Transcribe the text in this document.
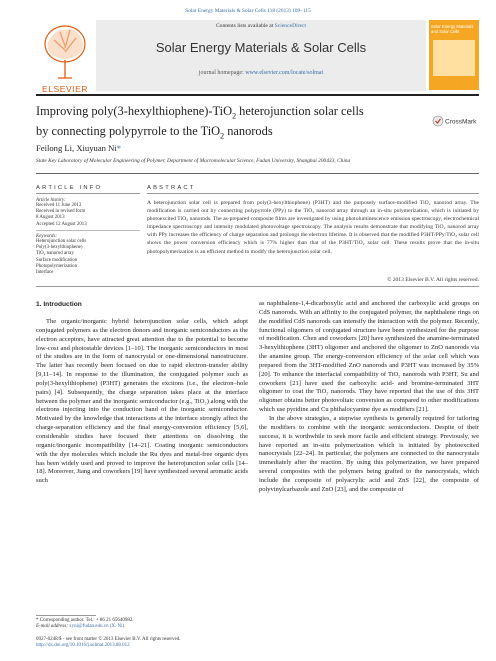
Solar Energy Materials & Solar Cells 118 (2013) 109–115
ELSEVIER
Contents lists available at ScienceDirect
Solar Energy Materials & Solar Cells
journal homepage: www.elsevier.com/locate/solmat
Solar Energy Materials and Solar Cells
Improving poly(3-hexylthiophene)-TiO$_2$ heterojunction solar cells
by connecting polypyrrole to the TiO$_2$ nanorods
CrossMark
Feilong Li, Xiuyuan Ni*
State Key Laboratory of Molecular Engineering of Polymer, Department of Macromolecular Science, Fudan University, Shanghai 200433, China
ARTICLE INFO
Article history:
Received 11 June 2013
Received in revised form
8 August 2013
Accepted 12 August 2013
Keywords:
Heterojunction solar cells
Poly(3-hexylthiophene)
TiO₂ nanorod array
Surface modification
Photopolymerization
Interface
ABSTRACT
A heterojunction solar cell is prepared from poly(3-hexylthiophene) (P3HT) and the purposely surface-modified TiO₂ nanorod array. The modification is carried out by connecting polypyrrole (PPy) to the TiO₂ nanorod array through an in-situ polymerization, which is initiated by photoexcited TiO₂ nanorods. The as-prepared composite films are investigated by using photoluminescence emission spectroscopy, electrochemical impedance spectroscopy and intensity modulated photovoltage spectroscopy. The analysis results demonstrate that modifying TiO₂ nanorod array with PPy increases the efficiency of charge separation and prolongs the electron lifetime. It is observed that the modified P3HT/PPy/TiO₂ solar cell shows the power conversion efficiency which is 77% higher than that of the P3HT/TiO₂ solar cell. These results prove that the in-situ photopolymerization is an efficient method to modify the heterojunction solar cell.
© 2013 Elsevier B.V. All rights reserved.
1. Introduction

The organic/inorganic hybrid heterojunction solar cells, which adopt conjugated polymers as the electron donors and inorganic semiconductors as the electron acceptors, have attracted great attention due to the potential to become low-cost and photostable devices [1–10]. The inorganic semiconductors in most of the studies are in the form of nanocrystal or one-dimensional nanostructure. The latter has recently been focused on due to rapid electron-transfer ability [9,11–14]. In response to the illumination, the conjugated polymer such as poly(3-hexylthiophene) (P3HT) generates the excitons (i.e., the electron–hole pairs) [4]. Subsequently, the charge separation takes place at the interface between the polymer and the inorganic semiconductor (e.g., TiO₂) along with the electrons injecting into the conduction band of the inorganic semiconductor. Motivated by the knowledge that interactions at the interface strongly affect the charge-separation efficiency and the final energy-conversion efficiency [5,6], considerable studies have focused their attentions on dissolving the organic/inorganic incompatibility [14–21]. Coating inorganic semiconductors with the dye molecules which include the Ru dyes and metal-free organic dyes has been widely used and proved to improve the heterojunction solar cells [14–18]. Moreover, Jiang and coworkers [19] have synthesized several aromatic acids such

as naphthalene-1,4-dicarboxylic acid and anchored the carboxylic acid groups on CdS nanorods. With an affinity to the conjugated polymer, the naphthalene rings on the modified CdS nanorods can intensify the interaction with the polymer. Recently, functional oligomers of conjugated structure have been synthesized for the purpose of modification. Chen and coworkers [20] have synthesized the anamine-terminated 3-hexylthiophene (3HT) oligomer and anchored the oligomer to ZnO nanorods via the anamine group. The energy-conversion efficiency of the solar cell which was prepared from the 3HT-modified ZnO nanorods and P3HT was increased by 35% [20]. To enhance the interfacial compatibility of TiO₂ nanorods with P3HT, Su and coworkers [21] have used the carboxylic acid- and bromine-terminated 3HT oligomer to coat the TiO₂ nanorods. They have reported that the use of this 3HT oligomer obtains better photovoltaic conversion as compared to other modifications which use pyridine and Cu phthalocyanine dye as modifiers [21].

In the above strategies, a stepwise synthesis is generally required for tailoring the modifiers to combine with the inorganic semiconductors. Despite of their success, it is worthwhile to seek more facile and efficient strategy. Previously, we have reported an in-situ polymerization which is initiated by photoexcited nanocrystals [22–24]. In particular, the polymers are connected to the nanocrystals immediately after the reaction. By using this polymerization, we have prepared several composites with the polymers being grafted to the nanocrystals, which include the composite of polyacrylic acid and ZnS [22], the composite of polyvinylcarbazole and ZnO [23], and the composite of

* Corresponding author. Tel.: + 86 21 65640982.
E-mail address: xyni@fudan.edu.cn (X. Ni).
0927-0248/$ - see front matter © 2013 Elsevier B.V. All rights reserved.
http://dx.doi.org/10.1016/j.solmat.2013.08.012
